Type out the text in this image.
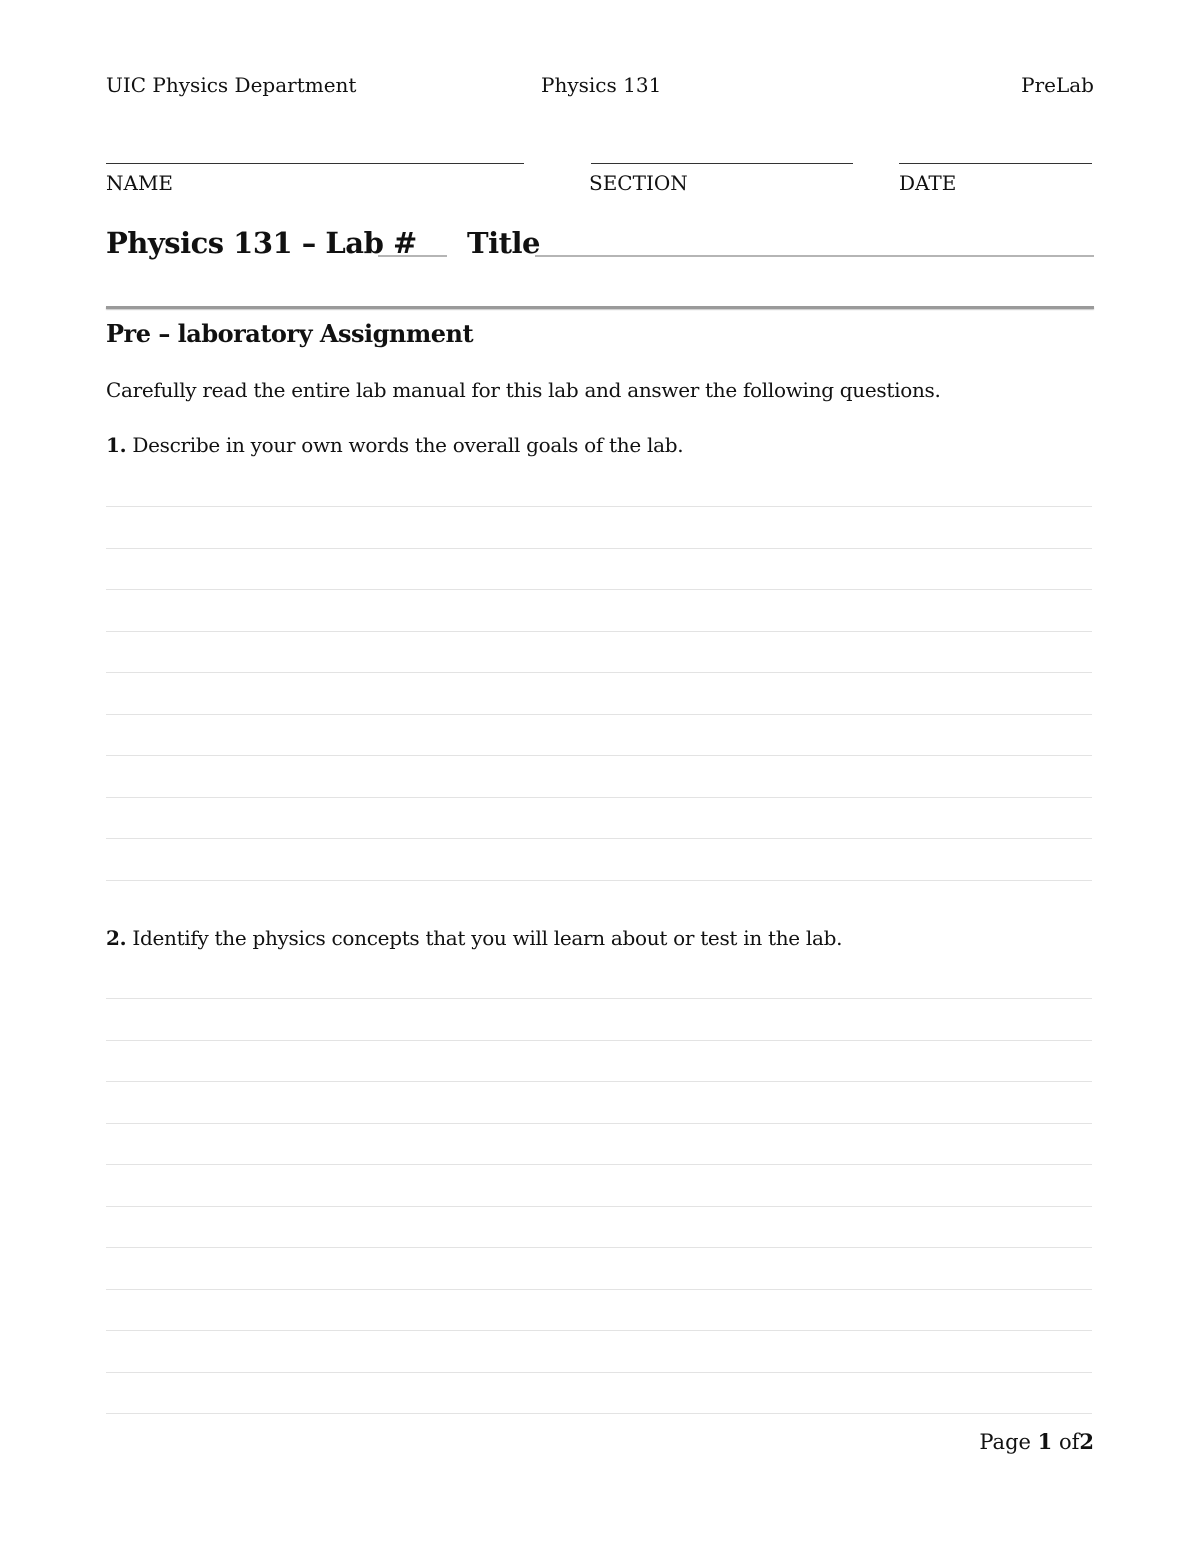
UIC Physics Department	Physics 131	PreLab
NAME	SECTION	DATE
Physics 131 – Lab # Title
Pre – laboratory Assignment
Carefully read the entire lab manual for this lab and answer the following questions.
1. Describe in your own words the overall goals of the lab.
2. Identify the physics concepts that you will learn about or test in the lab.
Page 1 of2
